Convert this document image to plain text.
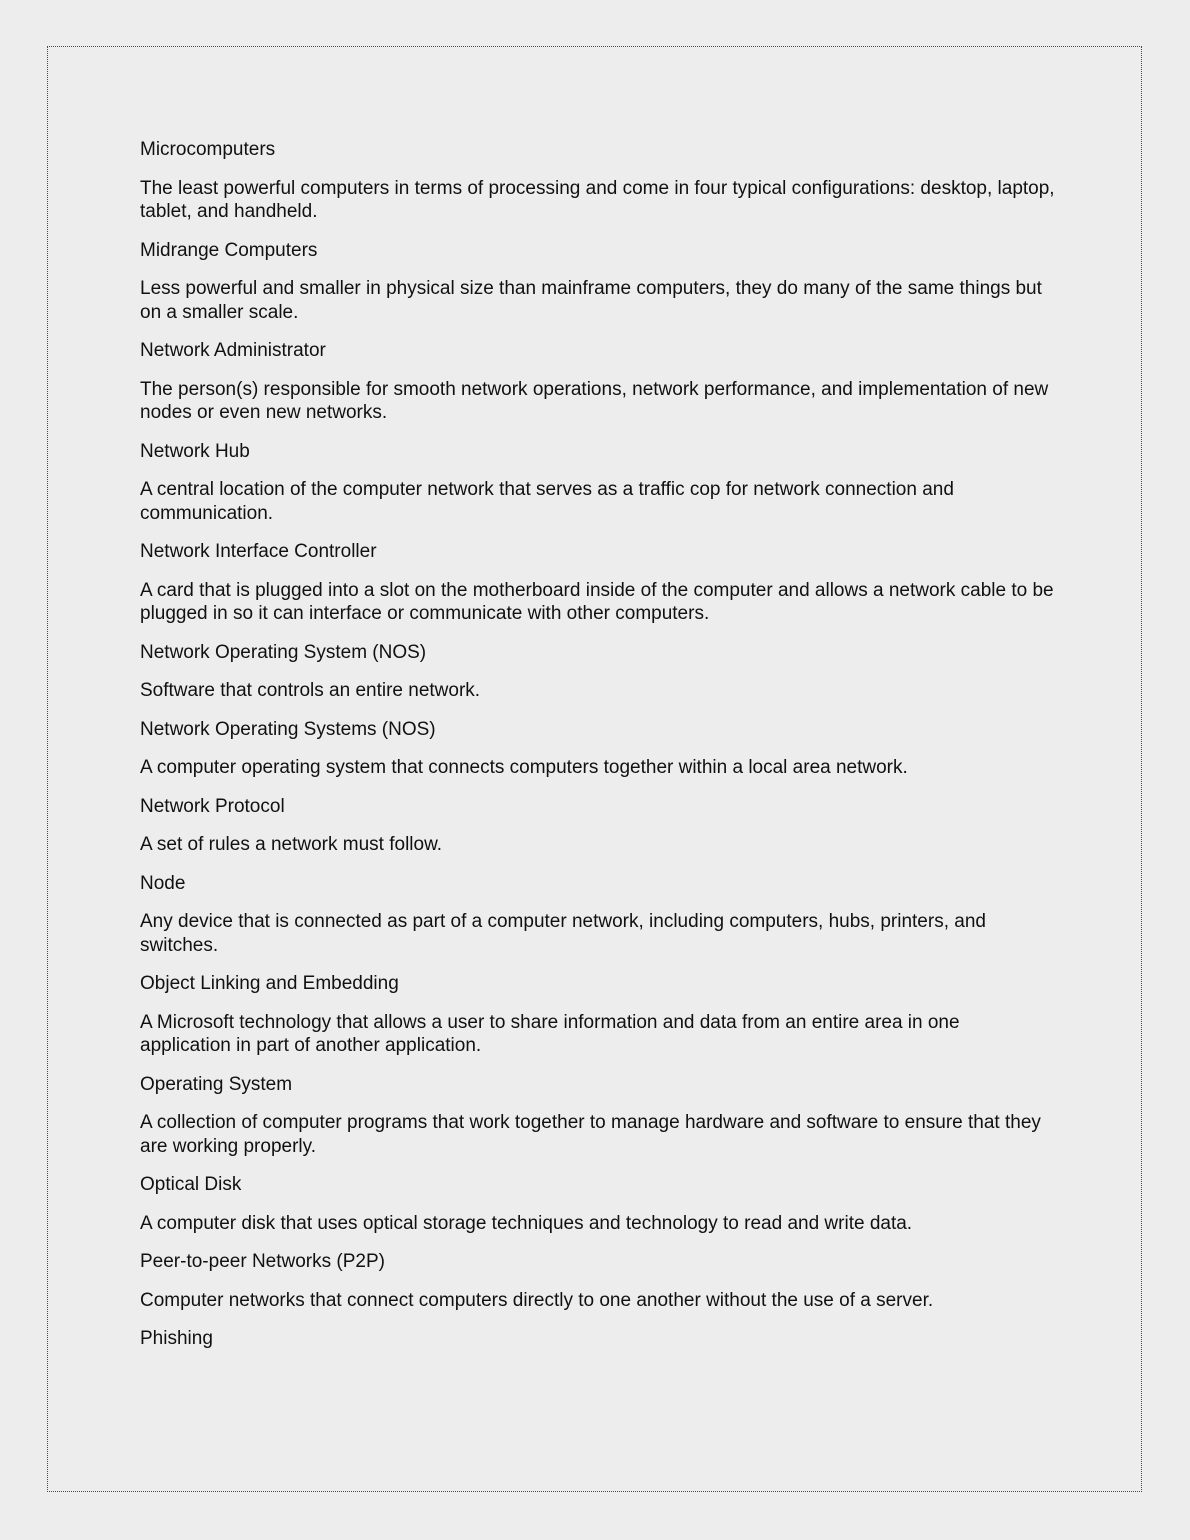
Microcomputers

The least powerful computers in terms of processing and come in four typical configurations: desktop, laptop, tablet, and handheld.

Midrange Computers

Less powerful and smaller in physical size than mainframe computers, they do many of the same things but on a smaller scale.

Network Administrator

The person(s) responsible for smooth network operations, network performance, and implementation of new nodes or even new networks.

Network Hub

A central location of the computer network that serves as a traffic cop for network connection and communication.

Network Interface Controller

A card that is plugged into a slot on the motherboard inside of the computer and allows a network cable to be plugged in so it can interface or communicate with other computers.

Network Operating System (NOS)

Software that controls an entire network.

Network Operating Systems (NOS)

A computer operating system that connects computers together within a local area network.

Network Protocol

A set of rules a network must follow.

Node

Any device that is connected as part of a computer network, including computers, hubs, printers, and switches.

Object Linking and Embedding

A Microsoft technology that allows a user to share information and data from an entire area in one application in part of another application.

Operating System

A collection of computer programs that work together to manage hardware and software to ensure that they are working properly.

Optical Disk

A computer disk that uses optical storage techniques and technology to read and write data.

Peer-to-peer Networks (P2P)

Computer networks that connect computers directly to one another without the use of a server.

Phishing
